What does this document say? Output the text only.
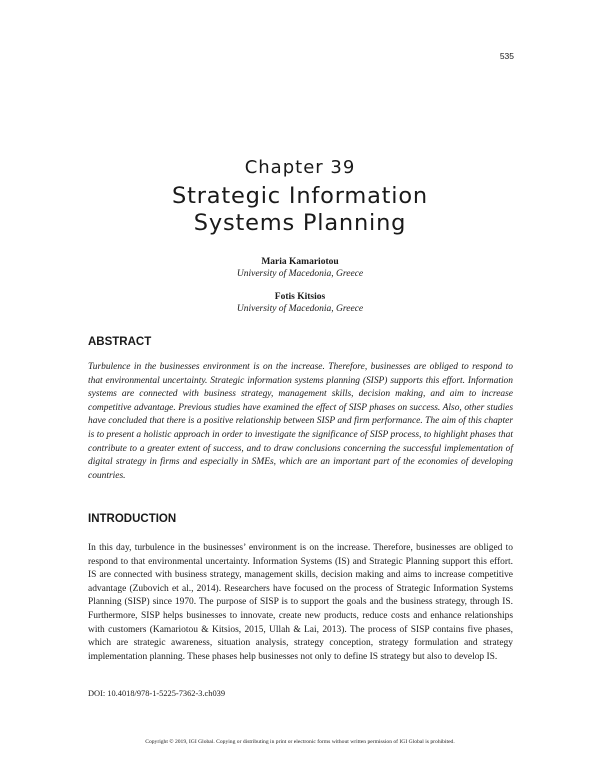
535
Chapter 39
Strategic Information
Systems Planning
Maria Kamariotou
University of Macedonia, Greece
Fotis Kitsios
University of Macedonia, Greece
ABSTRACT
Turbulence in the businesses environment is on the increase. Therefore, businesses are obliged to respond to that environmental uncertainty. Strategic information systems planning (SISP) supports this effort. Information systems are connected with business strategy, management skills, decision making, and aim to increase competitive advantage. Previous studies have examined the effect of SISP phases on success. Also, other studies have concluded that there is a positive relationship between SISP and firm performance. The aim of this chapter is to present a holistic approach in order to investigate the significance of SISP process, to highlight phases that contribute to a greater extent of success, and to draw conclusions concerning the successful implementation of digital strategy in firms and especially in SMEs, which are an important part of the economies of developing countries.
INTRODUCTION
In this day, turbulence in the businesses’ environment is on the increase. Therefore, businesses are obliged to respond to that environmental uncertainty. Information Systems (IS) and Strategic Planning support this effort. IS are connected with business strategy, management skills, decision making and aims to increase competitive advantage (Zubovich et al., 2014). Researchers have focused on the process of Strategic Information Systems Planning (SISP) since 1970. The purpose of SISP is to support the goals and the business strategy, through IS. Furthermore, SISP helps businesses to innovate, create new products, reduce costs and enhance relationships with customers (Kamariotou & Kitsios, 2015, Ullah & Lai, 2013). The process of SISP contains five phases, which are strategic awareness, situation analysis, strategy conception, strategy formulation and strategy implementation planning. These phases help businesses not only to define IS strategy but also to develop IS.
DOI: 10.4018/978-1-5225-7362-3.ch039
Copyright © 2019, IGI Global. Copying or distributing in print or electronic forms without written permission of IGI Global is prohibited.
